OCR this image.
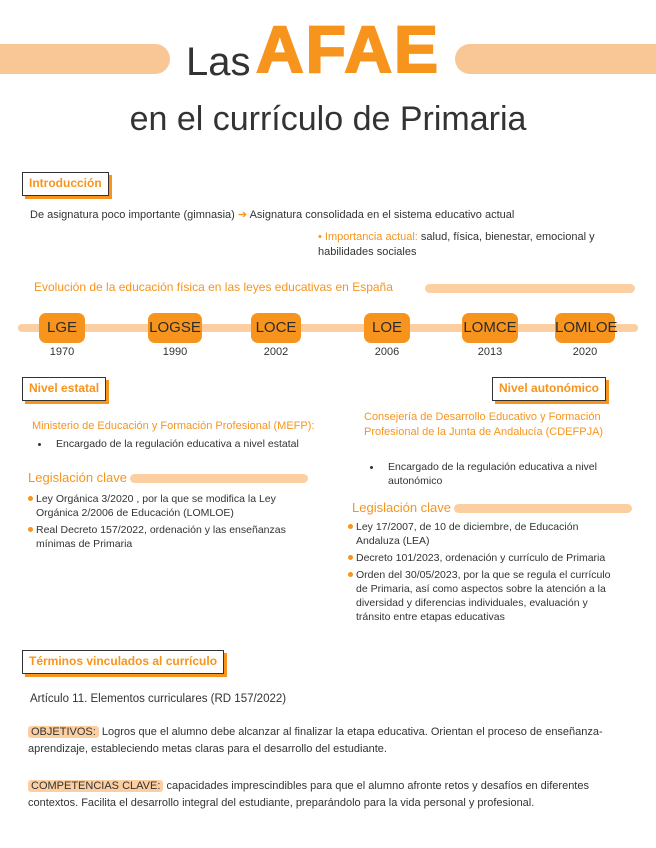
Las AFAE
en el currículo de Primaria
Introducción
De asignatura poco importante (gimnasia) ➔ Asignatura consolidada en el sistema educativo actual
• Importancia actual: salud, física, bienestar, emocional y habilidades sociales
Evolución de la educación física en las leyes educativas en España
LGE	LOGSE	LOCE	LOE	LOMCE	LOMLOE
1970	1990	2002	2006	2013	2020
Nivel estatal
Ministerio de Educación y Formación Profesional (MEFP):
Encargado de la regulación educativa a nivel estatal
Legislación clave
Ley Orgánica 3/2020 , por la que se modifica la Ley Orgánica 2/2006 de Educación (LOMLOE)
Real Decreto 157/2022, ordenación y las enseñanzas mínimas de Primaria
Nivel autonómico
Consejería de Desarrollo Educativo y Formación Profesional de la Junta de Andalucía (CDEFPJA)
Encargado de la regulación educativa a nivel autonómico
Legislación clave
Ley 17/2007, de 10 de diciembre, de Educación Andaluza (LEA)
Decreto 101/2023, ordenación y currículo de Primaria
Orden del 30/05/2023, por la que se regula el currículo de Primaria, así como aspectos sobre la atención a la diversidad y diferencias individuales, evaluación y tránsito entre etapas educativas
Términos vinculados al currículo
Artículo 11. Elementos curriculares (RD 157/2022)
OBJETIVOS: Logros que el alumno debe alcanzar al finalizar la etapa educativa. Orientan el proceso de enseñanza-aprendizaje, estableciendo metas claras para el desarrollo del estudiante.
COMPETENCIAS CLAVE: capacidades imprescindibles para que el alumno afronte retos y desafíos en diferentes contextos. Facilita el desarrollo integral del estudiante, preparándolo para la vida personal y profesional.
